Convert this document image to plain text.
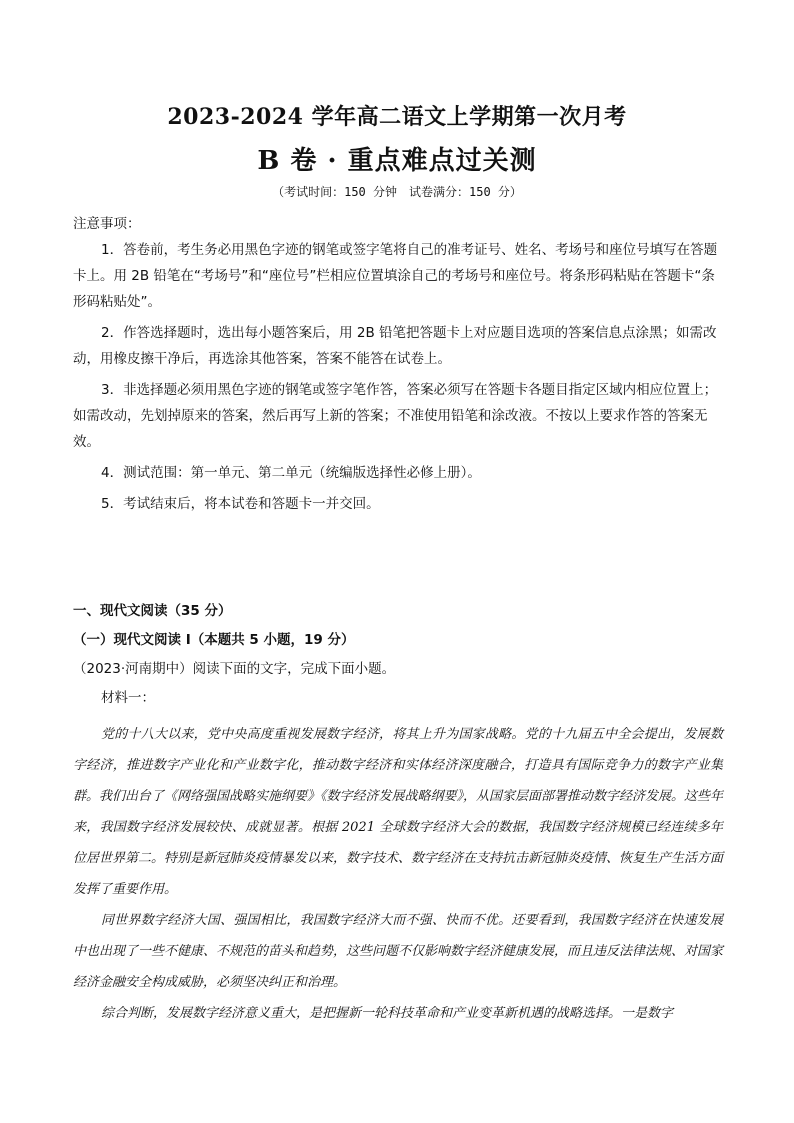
2023-2024 学年高二语文上学期第一次月考
B 卷 · 重点难点过关测
（考试时间：150 分钟　试卷满分：150 分）

注意事项：

1．答卷前，考生务必用黑色字迹的钢笔或签字笔将自己的准考证号、姓名、考场号和座位号填写在答题卡上。用 2B 铅笔在“考场号”和“座位号”栏相应位置填涂自己的考场号和座位号。将条形码粘贴在答题卡“条形码粘贴处”。

2．作答选择题时，选出每小题答案后，用 2B 铅笔把答题卡上对应题目选项的答案信息点涂黑；如需改动，用橡皮擦干净后，再选涂其他答案，答案不能答在试卷上。

3．非选择题必须用黑色字迹的钢笔或签字笔作答，答案必须写在答题卡各题目指定区域内相应位置上；如需改动，先划掉原来的答案，然后再写上新的答案；不准使用铅笔和涂改液。不按以上要求作答的答案无效。

4．测试范围：第一单元、第二单元（统编版选择性必修上册）。

5．考试结束后，将本试卷和答题卡一并交回。

一、现代文阅读（35 分）

（一）现代文阅读 I（本题共 5 小题，19 分）

（2023·河南期中）阅读下面的文字，完成下面小题。

材料一：

党的十八大以来，党中央高度重视发展数字经济，将其上升为国家战略。党的十九届五中全会提出，发展数字经济，推进数字产业化和产业数字化，推动数字经济和实体经济深度融合，打造具有国际竞争力的数字产业集群。我们出台了《网络强国战略实施纲要》《数字经济发展战略纲要》，从国家层面部署推动数字经济发展。这些年来，我国数字经济发展较快、成就显著。根据 2021 全球数字经济大会的数据，我国数字经济规模已经连续多年位居世界第二。特别是新冠肺炎疫情暴发以来，数字技术、数字经济在支持抗击新冠肺炎疫情、恢复生产生活方面发挥了重要作用。

同世界数字经济大国、强国相比，我国数字经济大而不强、快而不优。还要看到，我国数字经济在快速发展中也出现了一些不健康、不规范的苗头和趋势，这些问题不仅影响数字经济健康发展，而且违反法律法规、对国家经济金融安全构成威胁，必须坚决纠正和治理。

综合判断，发展数字经济意义重大，是把握新一轮科技革命和产业变革新机遇的战略选择。一是数字
